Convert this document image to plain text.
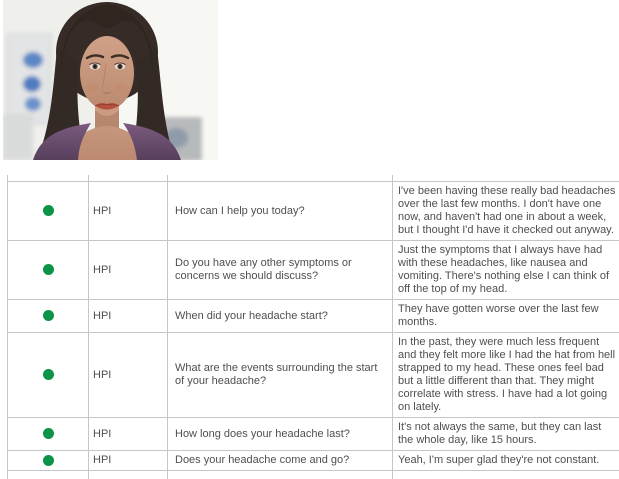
	HPI	How can I help you today?	I've been having these really bad headaches over the last few months. I don't have one now, and haven't had one in about a week, but I thought I'd have it checked out anyway.
	HPI	Do you have any other symptoms or concerns we should discuss?	Just the symptoms that I always have had with these headaches, like nausea and vomiting. There's nothing else I can think of off the top of my head.
	HPI	When did your headache start?	They have gotten worse over the last few months.
	HPI	What are the events surrounding the start of your headache?	In the past, they were much less frequent and they felt more like I had the hat from hell strapped to my head. These ones feel bad but a little different than that. They might correlate with stress. I have had a lot going on lately.
	HPI	How long does your headache last?	It's not always the same, but they can last the whole day, like 15 hours.
	HPI	Does your headache come and go?	Yeah, I'm super glad they're not constant.
